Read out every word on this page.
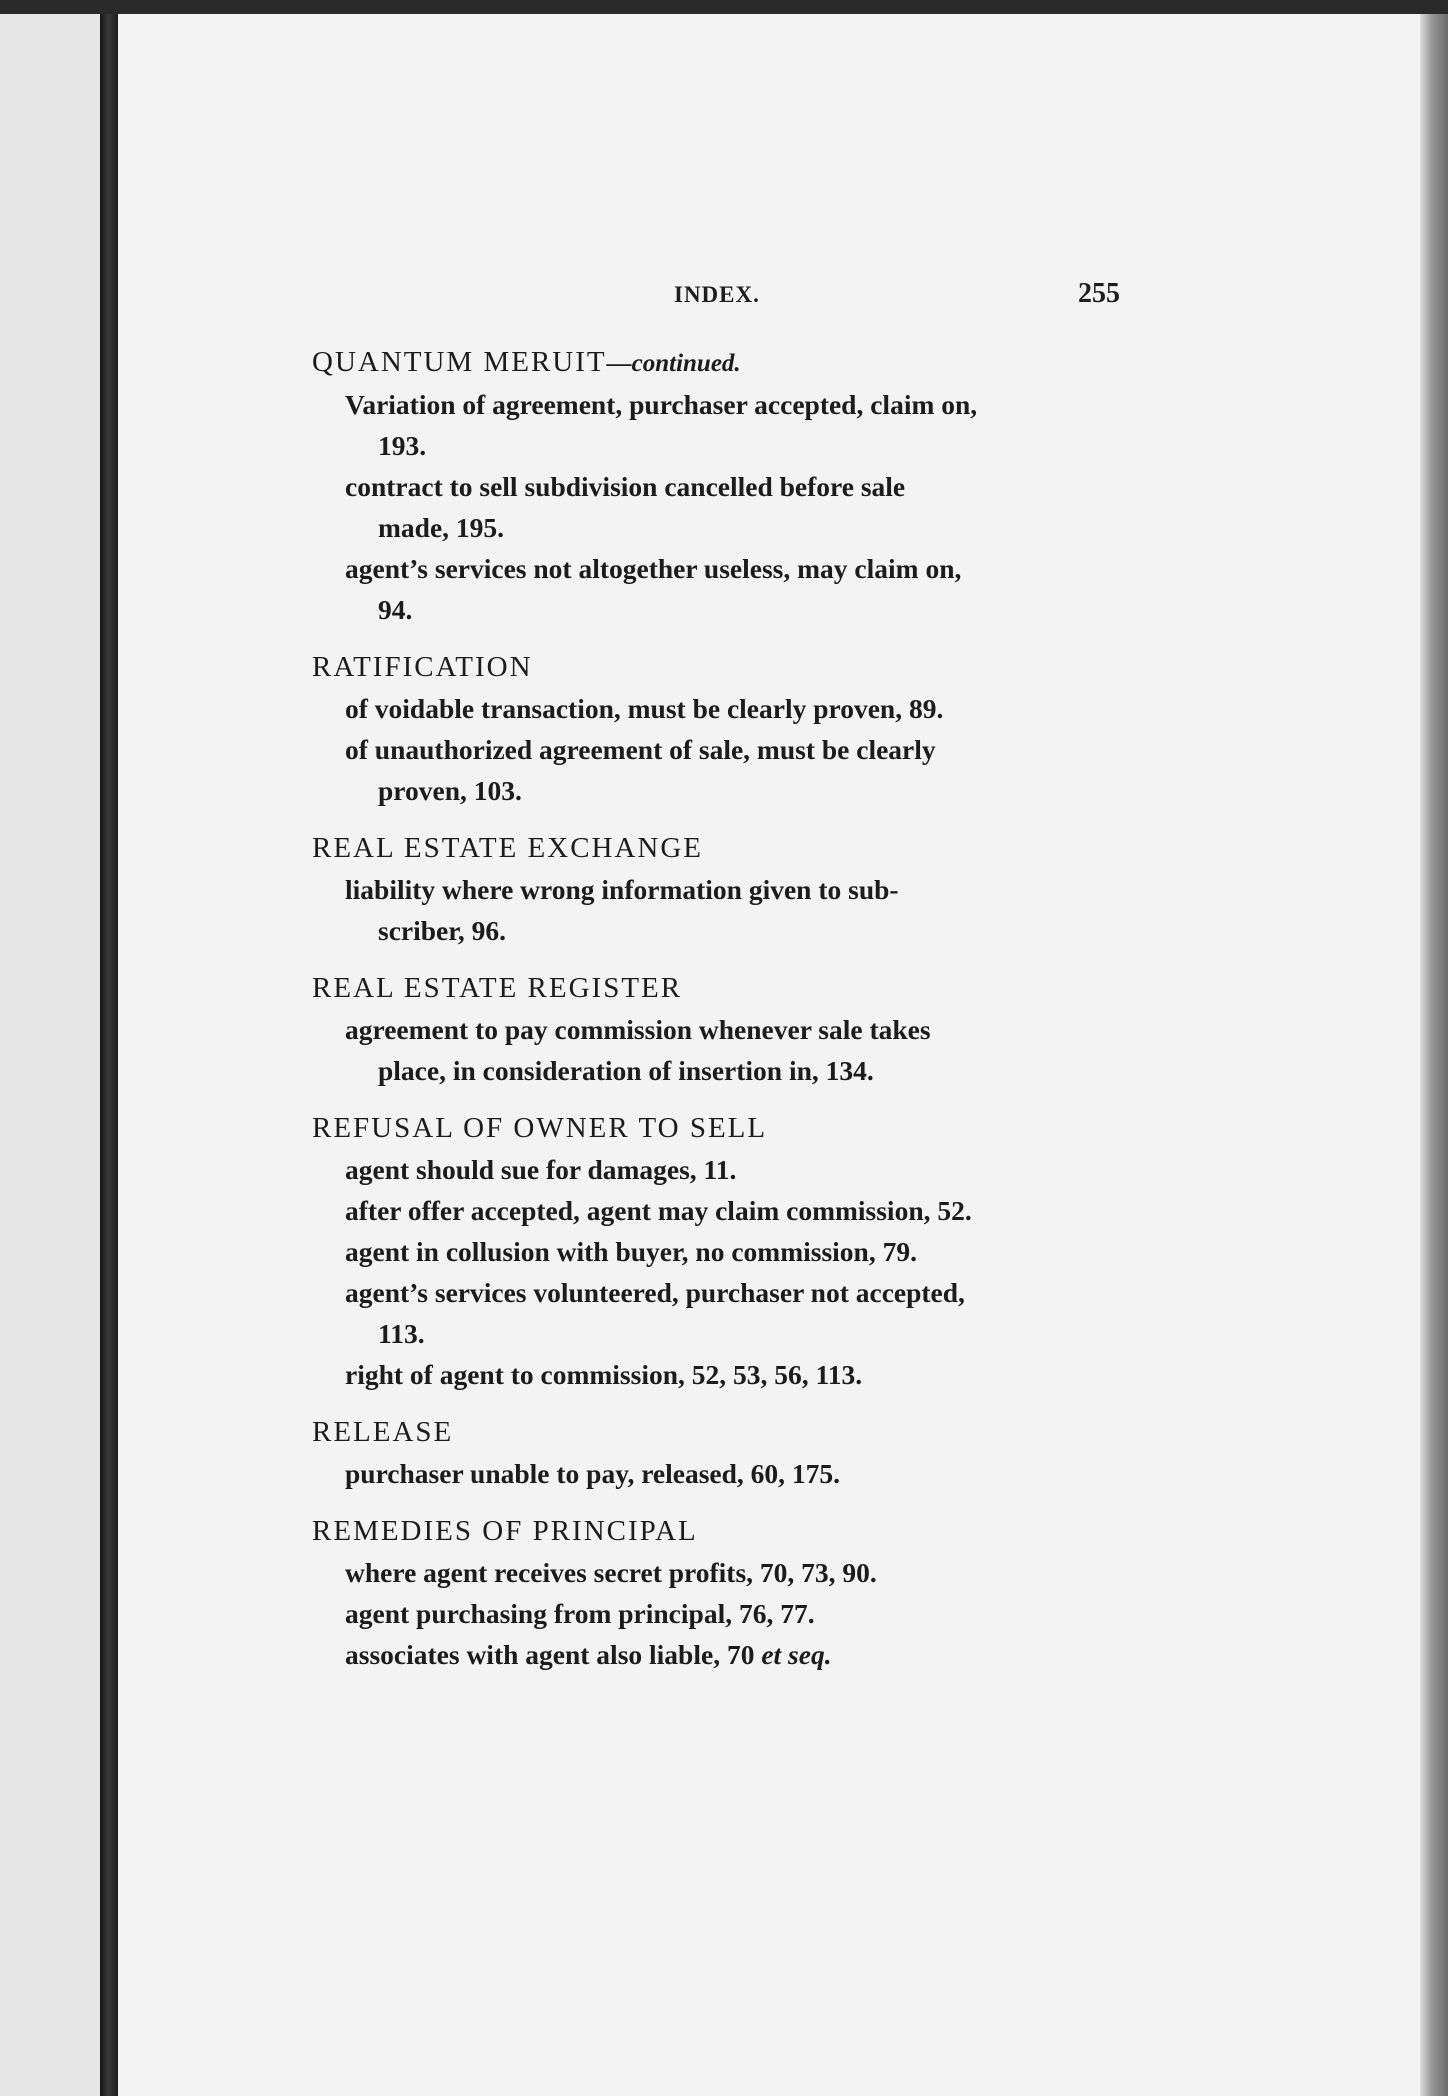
INDEX.	255
QUANTUM MERUIT—continued.
Variation of agreement, purchaser accepted, claim on,
193.
contract to sell subdivision cancelled before sale
made, 195.
agent’s services not altogether useless, may claim on,
94.
RATIFICATION
of voidable transaction, must be clearly proven, 89.
of unauthorized agreement of sale, must be clearly
proven, 103.
REAL ESTATE EXCHANGE
liability where wrong information given to sub-
scriber, 96.
REAL ESTATE REGISTER
agreement to pay commission whenever sale takes
place, in consideration of insertion in, 134.
REFUSAL OF OWNER TO SELL
agent should sue for damages, 11.
after offer accepted, agent may claim commission, 52.
agent in collusion with buyer, no commission, 79.
agent’s services volunteered, purchaser not accepted,
113.
right of agent to commission, 52, 53, 56, 113.
RELEASE
purchaser unable to pay, released, 60, 175.
REMEDIES OF PRINCIPAL
where agent receives secret profits, 70, 73, 90.
agent purchasing from principal, 76, 77.
associates with agent also liable, 70 et seq.
